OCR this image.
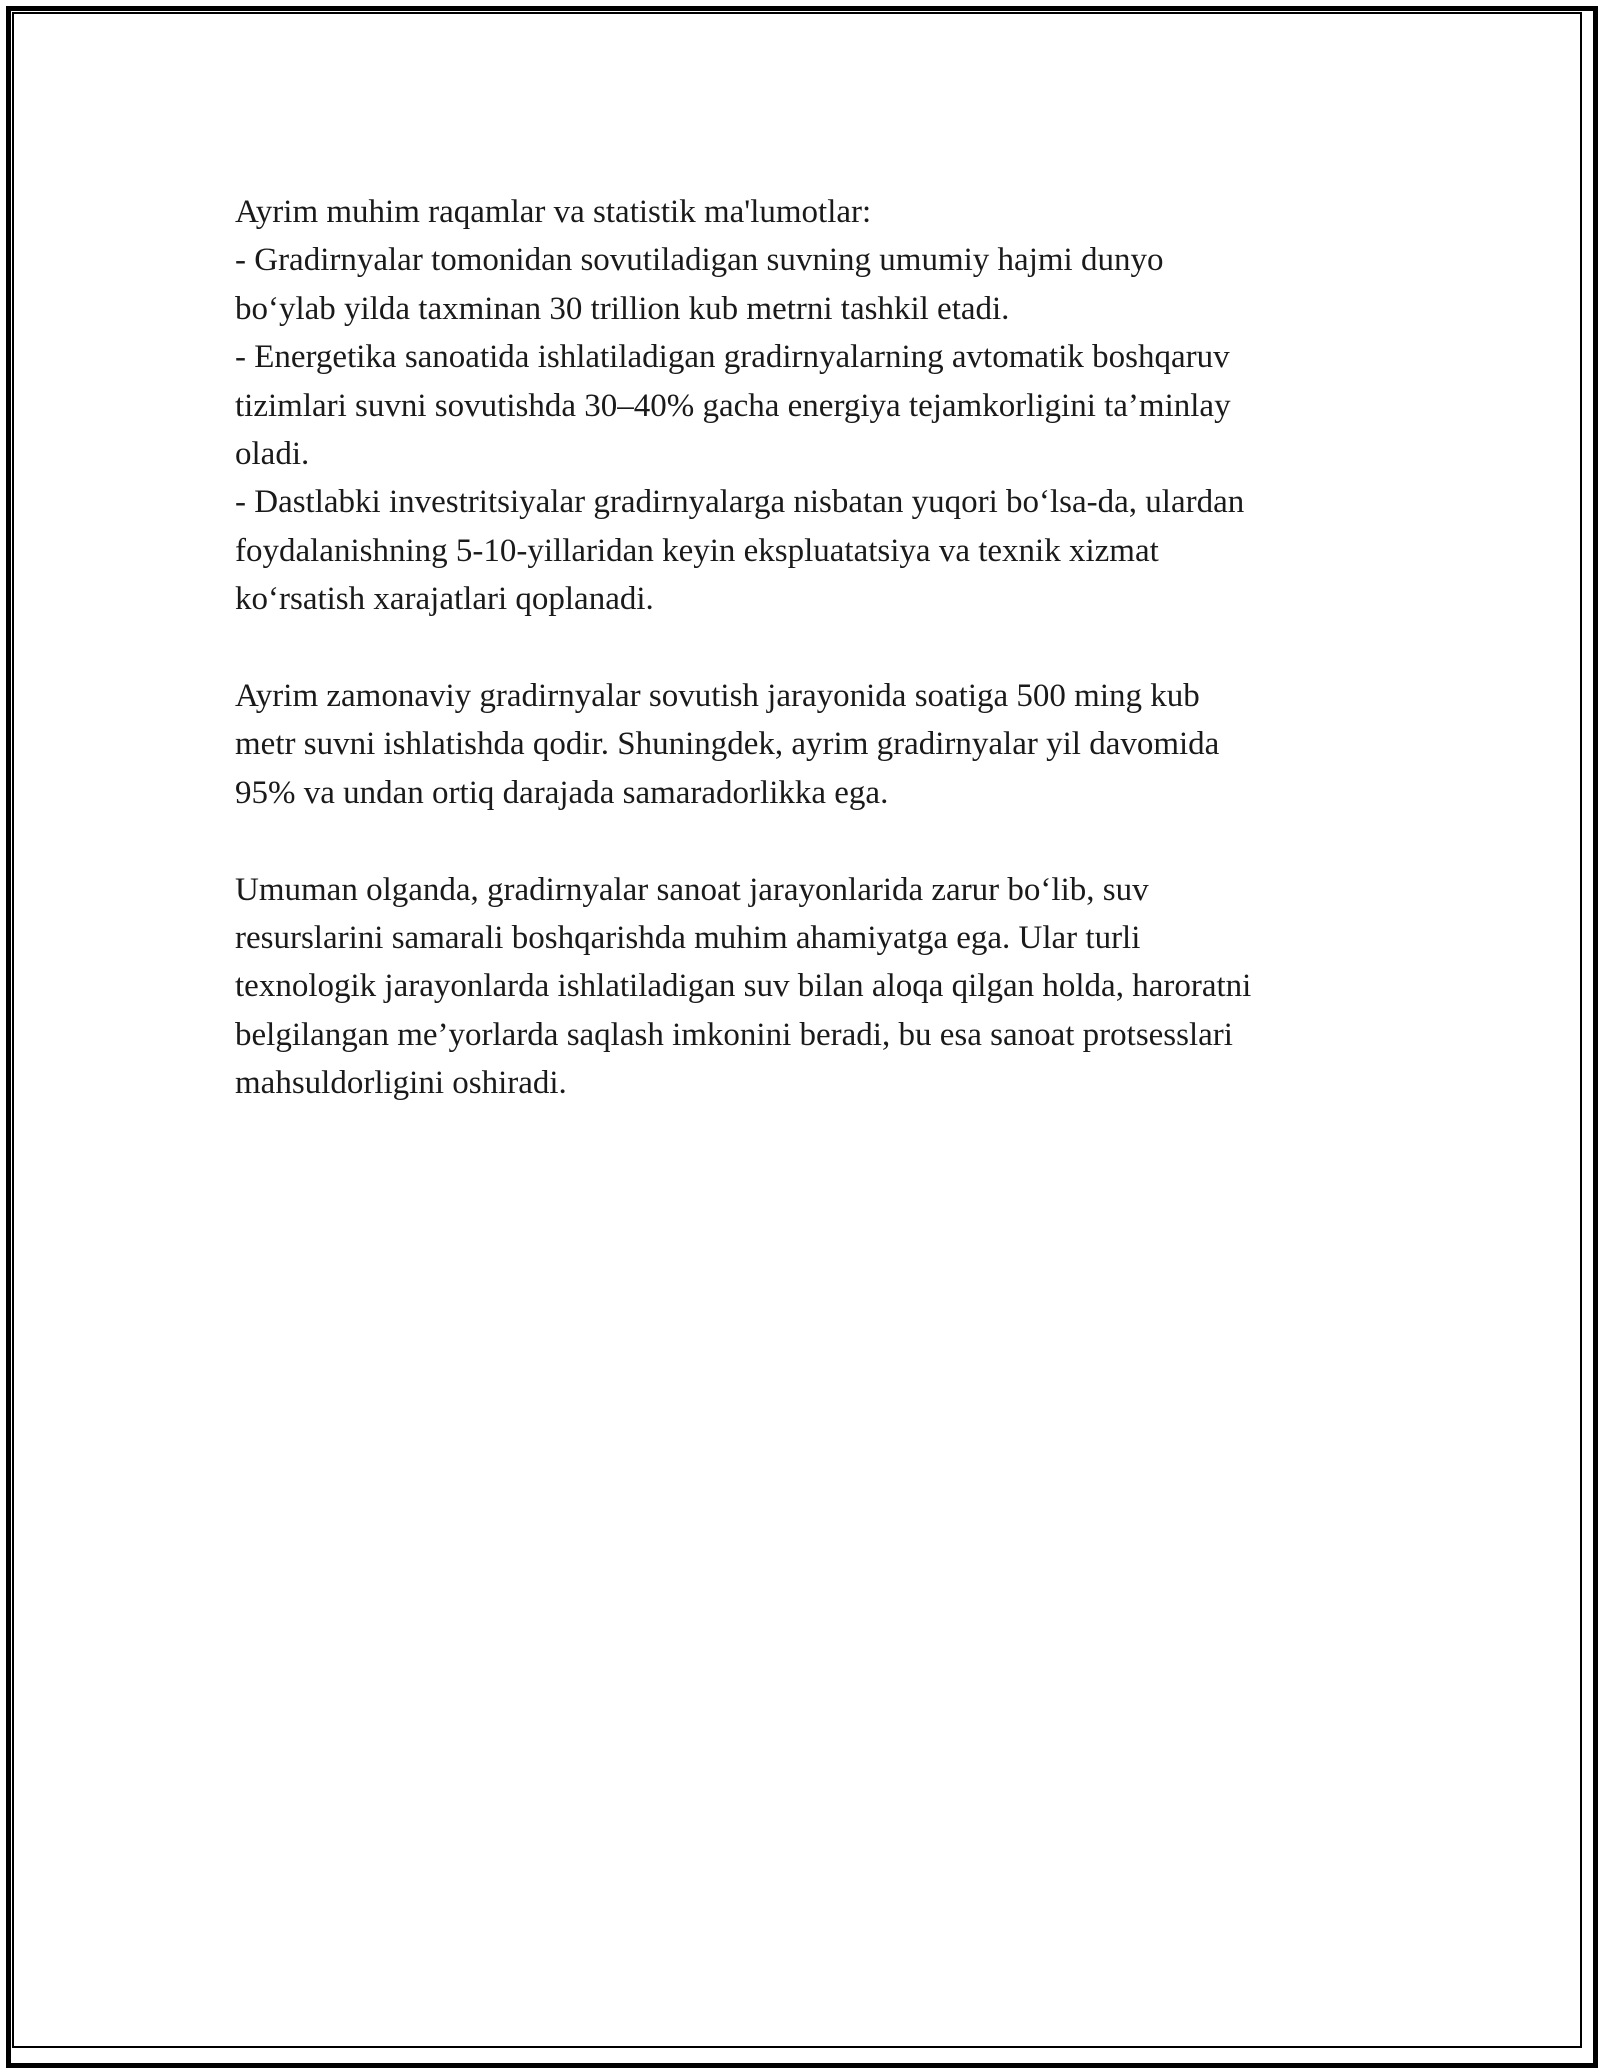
Ayrim muhim raqamlar va statistik ma'lumotlar:
- Gradirnyalar tomonidan sovutiladigan suvning umumiy hajmi dunyo
bo‘ylab yilda taxminan 30 trillion kub metrni tashkil etadi.
- Energetika sanoatida ishlatiladigan gradirnyalarning avtomatik boshqaruv
tizimlari suvni sovutishda 30–40% gacha energiya tejamkorligini ta’minlay
oladi.
- Dastlabki investritsiyalar gradirnyalarga nisbatan yuqori bo‘lsa-da, ulardan
foydalanishning 5-10-yillaridan keyin ekspluatatsiya va texnik xizmat
ko‘rsatish xarajatlari qoplanadi.
Ayrim zamonaviy gradirnyalar sovutish jarayonida soatiga 500 ming kub
metr suvni ishlatishda qodir. Shuningdek, ayrim gradirnyalar yil davomida
95% va undan ortiq darajada samaradorlikka ega.
Umuman olganda, gradirnyalar sanoat jarayonlarida zarur bo‘lib, suv
resurslarini samarali boshqarishda muhim ahamiyatga ega. Ular turli
texnologik jarayonlarda ishlatiladigan suv bilan aloqa qilgan holda, haroratni
belgilangan me’yorlarda saqlash imkonini beradi, bu esa sanoat protsesslari
mahsuldorligini oshiradi.
